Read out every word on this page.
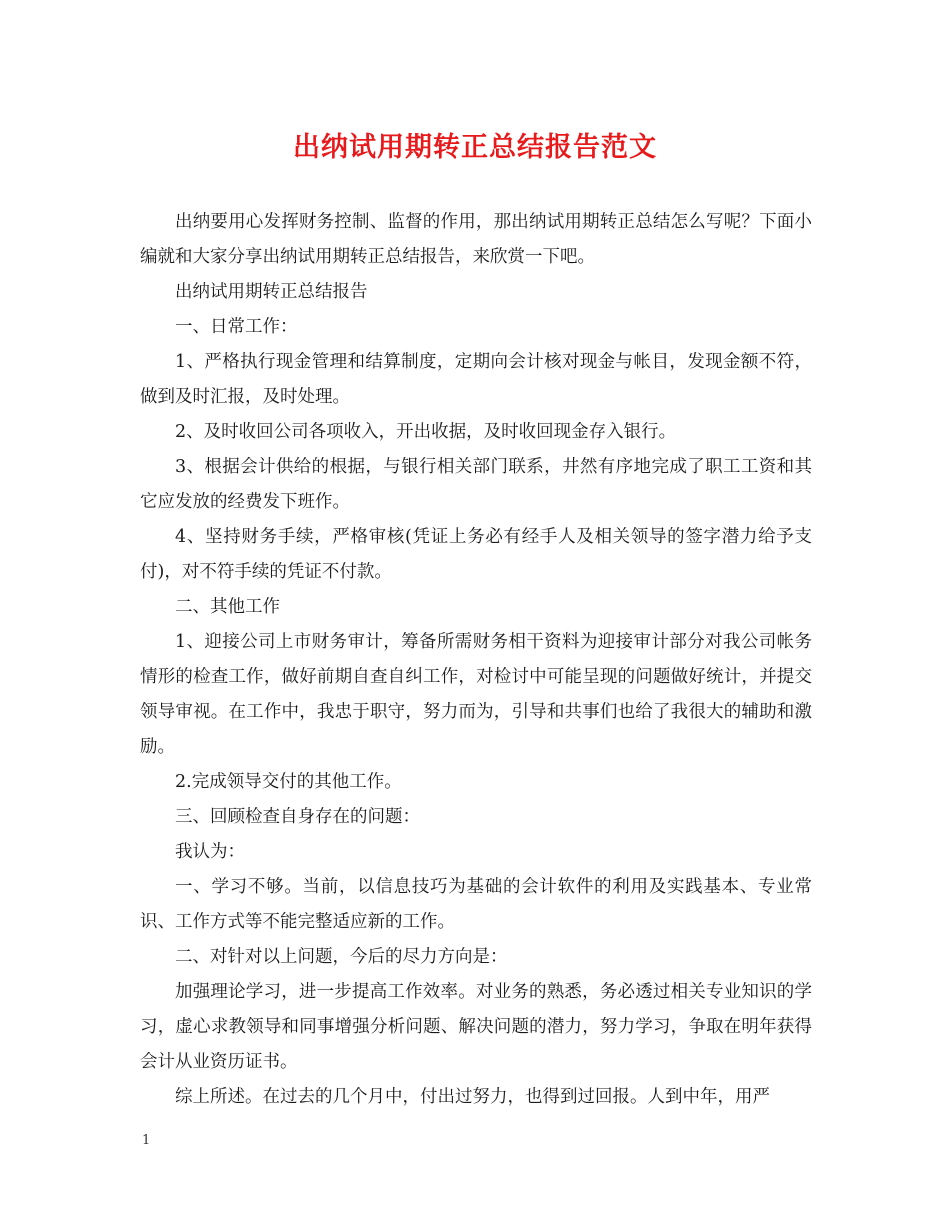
出纳试用期转正总结报告范文

出纳要用心发挥财务控制、监督的作用，那出纳试用期转正总结怎么写呢？下面小编就和大家分享出纳试用期转正总结报告，来欣赏一下吧。

出纳试用期转正总结报告

一、日常工作：

1、严格执行现金管理和结算制度，定期向会计核对现金与帐目，发现金额不符，做到及时汇报，及时处理。

2、及时收回公司各项收入，开出收据，及时收回现金存入银行。

3、根据会计供给的根据，与银行相关部门联系，井然有序地完成了职工工资和其它应发放的经费发下班作。

4、坚持财务手续，严格审核(凭证上务必有经手人及相关领导的签字潜力给予支付)，对不符手续的凭证不付款。

二、其他工作

1、迎接公司上市财务审计，筹备所需财务相干资料为迎接审计部分对我公司帐务情形的检查工作，做好前期自查自纠工作，对检讨中可能呈现的问题做好统计，并提交领导审视。在工作中，我忠于职守，努力而为，引导和共事们也给了我很大的辅助和激励。

2.完成领导交付的其他工作。

三、回顾检查自身存在的问题：

我认为：

一、学习不够。当前，以信息技巧为基础的会计软件的利用及实践基本、专业常识、工作方式等不能完整适应新的工作。

二、对针对以上问题，今后的尽力方向是：

加强理论学习，进一步提高工作效率。对业务的熟悉，务必透过相关专业知识的学习，虚心求教领导和同事增强分析问题、解决问题的潜力，努力学习，争取在明年获得会计从业资历证书。

综上所述。在过去的几个月中，付出过努力，也得到过回报。人到中年，用严

1
